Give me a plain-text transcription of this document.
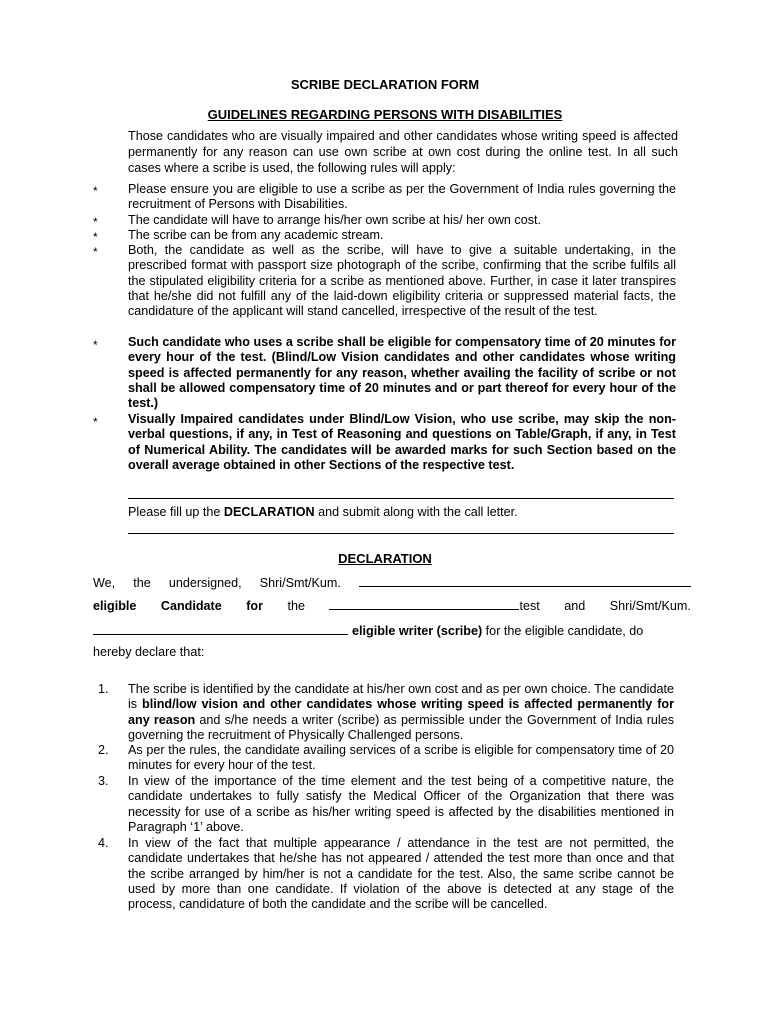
SCRIBE DECLARATION FORM
GUIDELINES REGARDING PERSONS WITH DISABILITIES
Those candidates who are visually impaired and other candidates whose writing speed is affected permanently for any reason can use own scribe at own cost during the online test. In all such cases where a scribe is used, the following rules will apply:
* Please ensure you are eligible to use a scribe as per the Government of India rules governing the recruitment of Persons with Disabilities.
* The candidate will have to arrange his/her own scribe at his/ her own cost.
* The scribe can be from any academic stream.
* Both, the candidate as well as the scribe, will have to give a suitable undertaking, in the prescribed format with passport size photograph of the scribe, confirming that the scribe fulfils all the stipulated eligibility criteria for a scribe as mentioned above. Further, in case it later transpires that he/she did not fulfill any of the laid-down eligibility criteria or suppressed material facts, the candidature of the applicant will stand cancelled, irrespective of the result of the test.
* Such candidate who uses a scribe shall be eligible for compensatory time of 20 minutes for every hour of the test. (Blind/Low Vision candidates and other candidates whose writing speed is affected permanently for any reason, whether availing the facility of scribe or not shall be allowed compensatory time of 20 minutes and or part thereof for every hour of the test.)
* Visually Impaired candidates under Blind/Low Vision, who use scribe, may skip the non-verbal questions, if any, in Test of Reasoning and questions on Table/Graph, if any, in Test of Numerical Ability. The candidates will be awarded marks for such Section based on the overall average obtained in other Sections of the respective test.
Please fill up the DECLARATION and submit along with the call letter.
DECLARATION
We, the undersigned, Shri/Smt/Kum.
eligible Candidate for the	test and Shri/Smt/Kum.
eligible writer (scribe) for the eligible candidate, do
hereby declare that:
1. The scribe is identified by the candidate at his/her own cost and as per own choice. The candidate is blind/low vision and other candidates whose writing speed is affected permanently for any reason and s/he needs a writer (scribe) as permissible under the Government of India rules governing the recruitment of Physically Challenged persons.
2. As per the rules, the candidate availing services of a scribe is eligible for compensatory time of 20 minutes for every hour of the test.
3. In view of the importance of the time element and the test being of a competitive nature, the candidate undertakes to fully satisfy the Medical Officer of the Organization that there was necessity for use of a scribe as his/her writing speed is affected by the disabilities mentioned in Paragraph ‘1’ above.
4. In view of the fact that multiple appearance / attendance in the test are not permitted, the candidate undertakes that he/she has not appeared / attended the test more than once and that the scribe arranged by him/her is not a candidate for the test. Also, the same scribe cannot be used by more than one candidate. If violation of the above is detected at any stage of the process, candidature of both the candidate and the scribe will be cancelled.
